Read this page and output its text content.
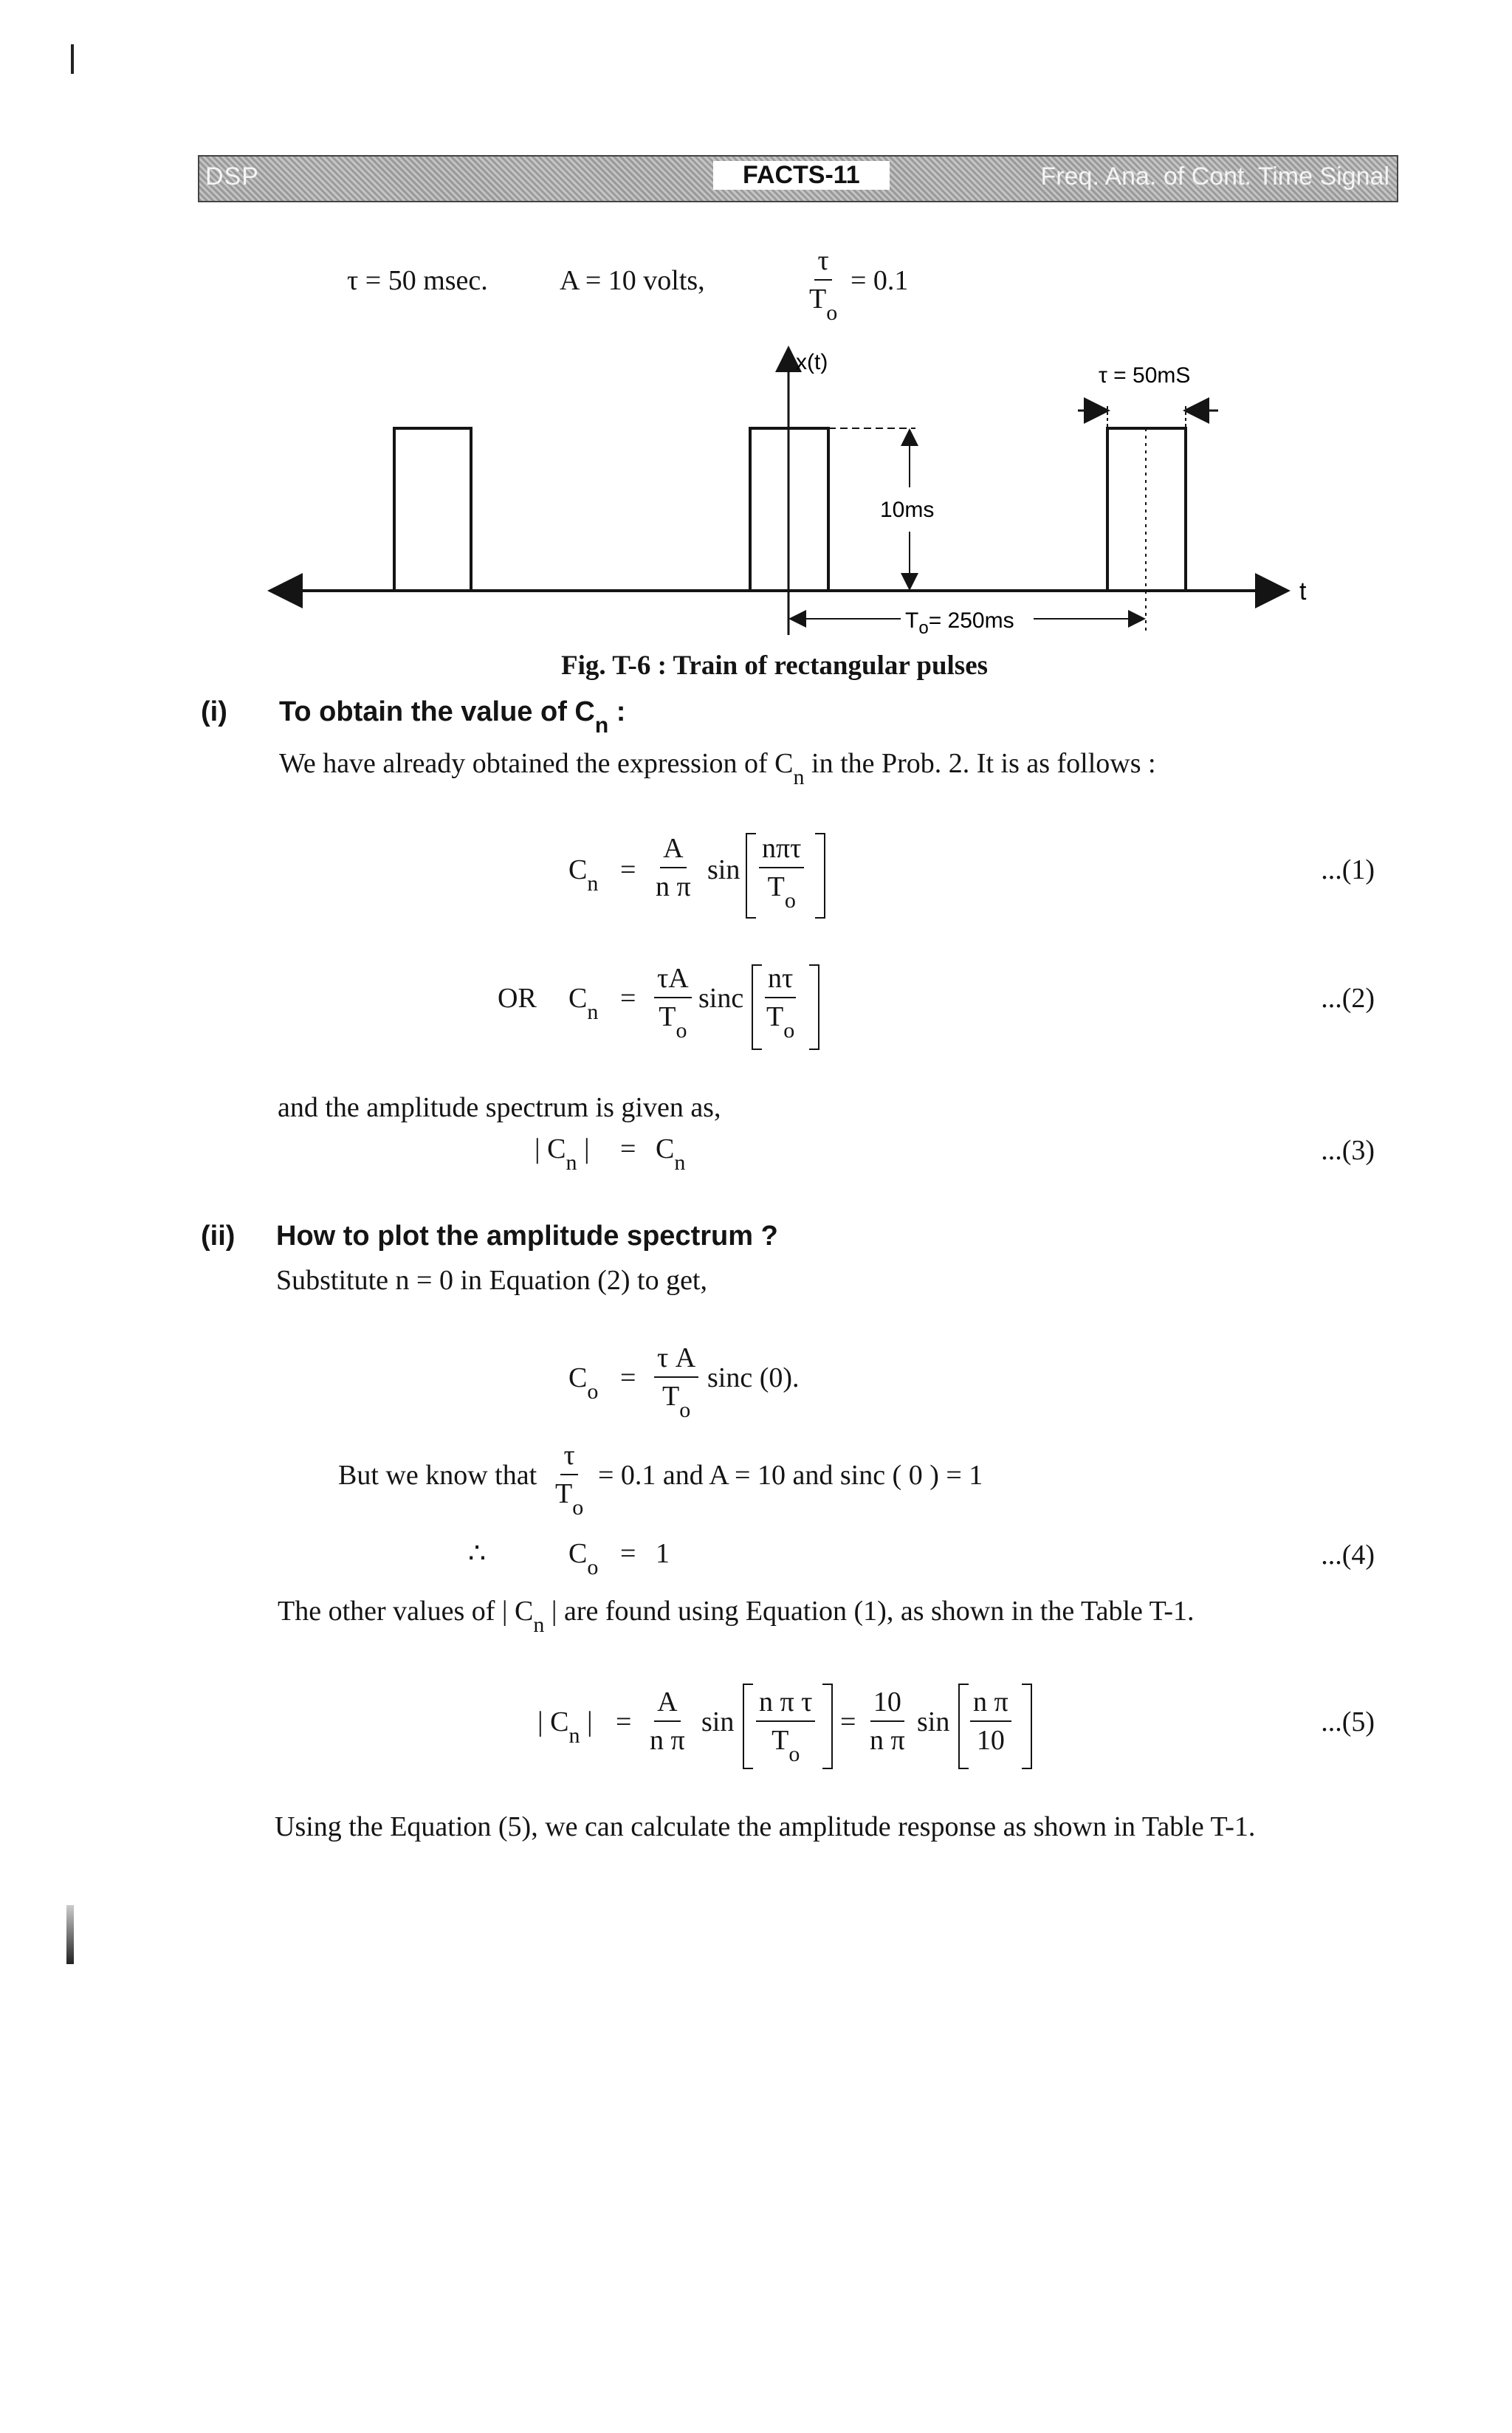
DSP	FACTS-11	Freq. Ana. of Cont. Time Signal
τ = 50 msec.	A = 10 volts,	$\frac{\tau}{T_o} = 0.1$
t
x(t)
10ms
τ = 50mS
$T_o= 250ms$
Fig. T-6 : Train of rectangular pulses
(i) To obtain the value of $C_n$ :
We have already obtained the expression of $C_n$ in the Prob. 2. It is as follows :
$C_n = \frac{A}{\text{n π}}$ sin
nπτ
$T_o$
...(1)
OR $C_n = \frac{\tau A}{T_o}$ sinc $\frac{n\tau}{T_o}$	...(2)
and the amplitude spectrum is given as,
| $C_n$ | = $C_n$	...(3)
(ii) How to plot the amplitude spectrum ?
Substitute n = 0 in Equation (2) to get,
$C_o = \frac{\text{τ A}}{T_o}$ sinc (0).
But we know that $\frac{\tau}{T_o} = 0.1$ and A = 10 and sinc ( 0 ) = 1
∴	$C_o = 1$	...(4)
The other values of | $C_n$ | are found using Equation (1), as shown in the Table T-1.
| $C_n$ | = $\frac{A}{\text{n π}}$ $\sin \frac{\text{n π τ}}{T_o} = \frac{10}{\text{n π}}$ $\sin \frac{\text{n π}}{10}$	...(5)
Using the Equation (5), we can calculate the amplitude response as shown in Table T-1.
